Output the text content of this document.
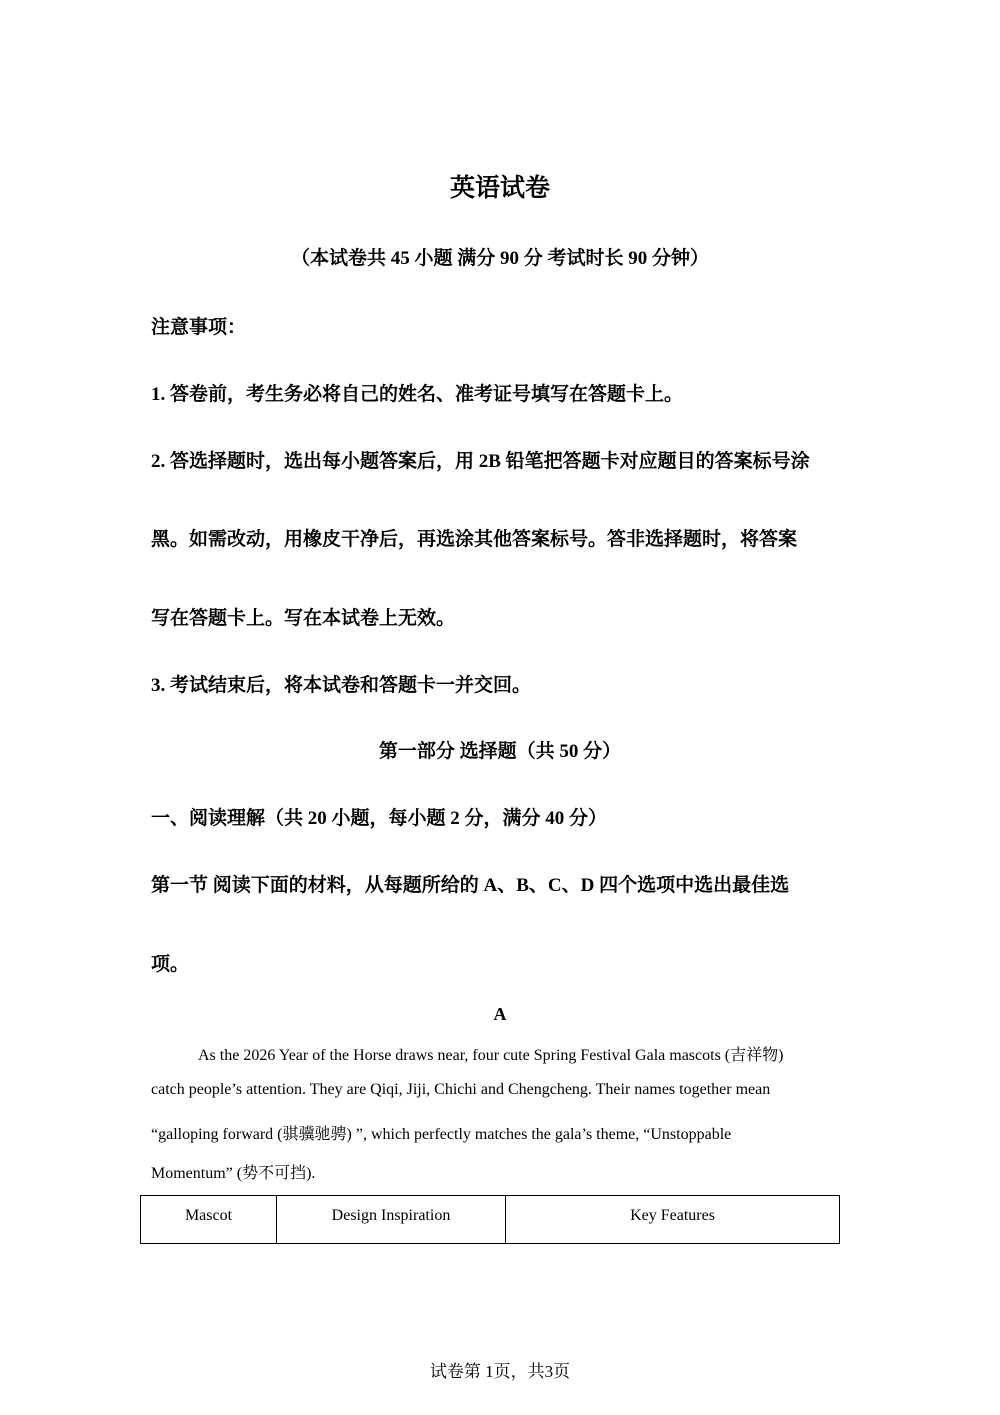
英语试卷
（本试卷共 45 小题 满分 90 分 考试时长 90 分钟）
注意事项：
1. 答卷前，考生务必将自己的姓名、准考证号填写在答题卡上。
2. 答选择题时，选出每小题答案后，用 2B 铅笔把答题卡对应题目的答案标号涂
黑。如需改动，用橡皮干净后，再选涂其他答案标号。答非选择题时，将答案
写在答题卡上。写在本试卷上无效。
3. 考试结束后，将本试卷和答题卡一并交回。
第一部分 选择题（共 50 分）
一、阅读理解（共 20 小题，每小题 2 分，满分 40 分）
第一节 阅读下面的材料，从每题所给的 A、B、C、D 四个选项中选出最佳选
项。
A
As the 2026 Year of the Horse draws near, four cute Spring Festival Gala mascots (吉祥物)
catch people’s attention. They are Qiqi, Jiji, Chichi and Chengcheng. Their names together mean
“galloping forward (骐骥驰骋) ”, which perfectly matches the gala’s theme, “Unstoppable
Momentum” (势不可挡).
Mascot	Design Inspiration	Key Features
试卷第 1页，共3页
